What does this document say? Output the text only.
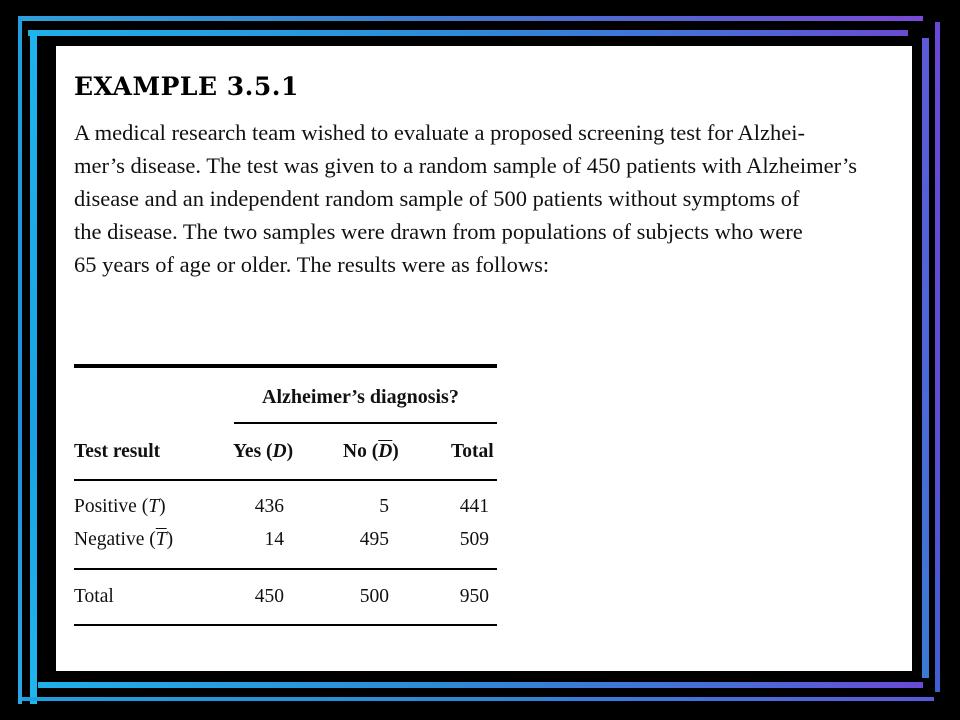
EXAMPLE 3.5.1
A medical research team wished to evaluate a proposed screening test for Alzhei-
mer’s disease. The test was given to a random sample of 450 patients with Alzheimer’s
disease and an independent random sample of 500 patients without symptoms of
the disease. The two samples were drawn from populations of subjects who were
65 years of age or older. The results were as follows:
Alzheimer’s diagnosis?
Test result	Yes (D)	No $(\overline{D})$	Total
Positive (T)	436	5	441
Negative $(\overline{T})$	14	495	509
Total	450	500	950
